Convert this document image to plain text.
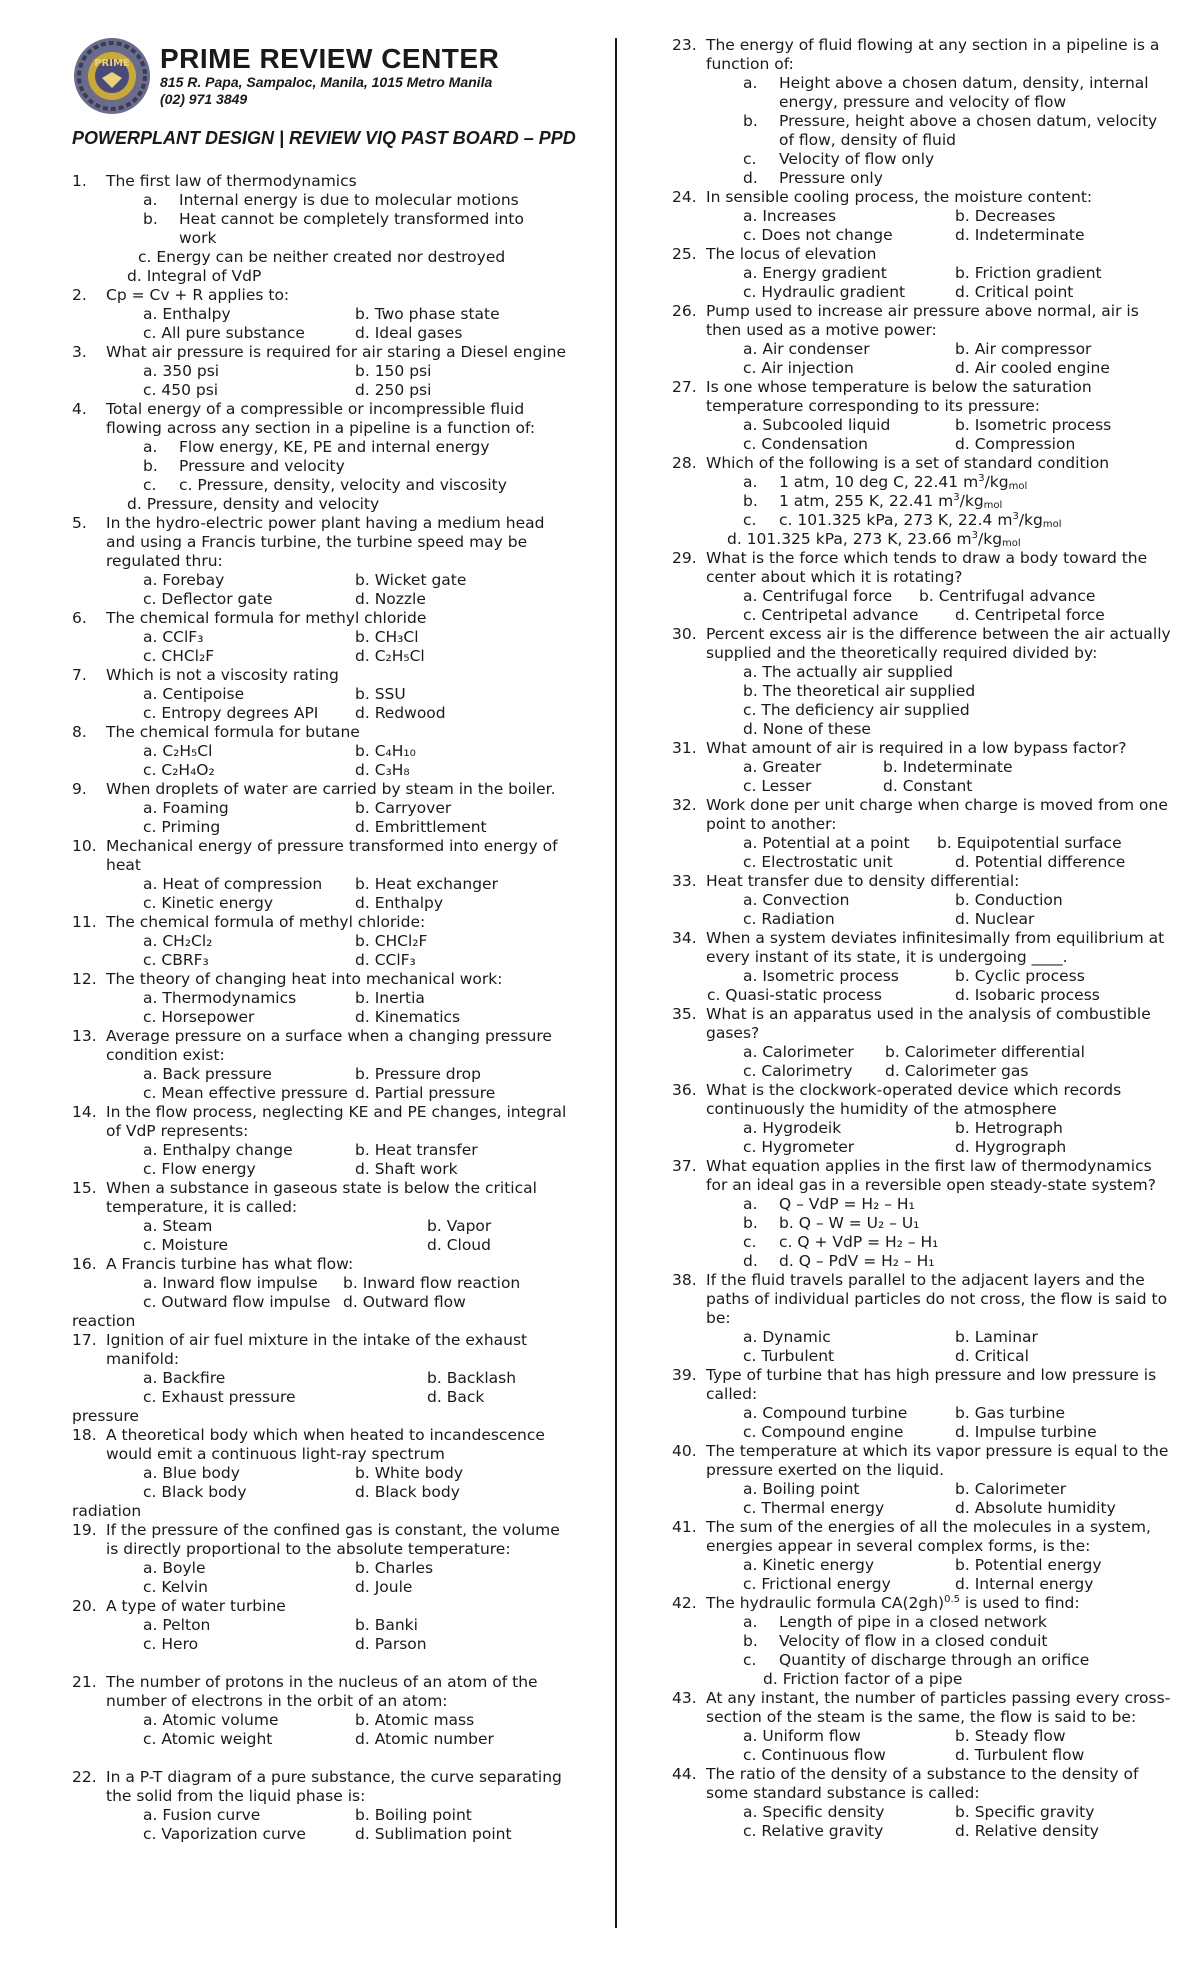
PRIME PRIME REVIEW CENTER
815 R. Papa, Sampaloc, Manila, 1015 Metro Manila
(02) 971 3849
POWERPLANT DESIGN | REVIEW VIQ PAST BOARD – PPD
1. The first law of thermodynamics
a. Internal energy is due to molecular motions
b. Heat cannot be completely transformed into
work
c. Energy can be neither created nor destroyed
d. Integral of VdP
2. Cp = Cv + R applies to:
a. Enthalpy	b. Two phase state
c. All pure substance	d. Ideal gases
3. What air pressure is required for air staring a Diesel engine
a. 350 psi	b. 150 psi
c. 450 psi	d. 250 psi
4. Total energy of a compressible or incompressible fluid flowing across any section in a pipeline is a function of:
a. Flow energy, KE, PE and internal energy
b. Pressure and velocity
c. c. Pressure, density, velocity and viscosity
d. Pressure, density and velocity
5. In the hydro-electric power plant having a medium head and using a Francis turbine, the turbine speed may be regulated thru:
a. Forebay	b. Wicket gate
c. Deflector gate	d. Nozzle
6. The chemical formula for methyl chloride
a. CClF₃	b. CH₃Cl
c. CHCl₂F	d. C₂H₅Cl
7. Which is not a viscosity rating
a. Centipoise	b. SSU
c. Entropy degrees API	d. Redwood
8. The chemical formula for butane
a. C₂H₅Cl	b. C₄H₁₀
c. C₂H₄O₂	d. C₃H₈
9. When droplets of water are carried by steam in the boiler.
a. Foaming	b. Carryover
c. Priming	d. Embrittlement
10. Mechanical energy of pressure transformed into energy of heat
a. Heat of compression	b. Heat exchanger
c. Kinetic energy	d. Enthalpy
11. The chemical formula of methyl chloride:
a. CH₂Cl₂	b. CHCl₂F
c. CBRF₃	d. CClF₃
12. The theory of changing heat into mechanical work:
a. Thermodynamics	b. Inertia
c. Horsepower	d. Kinematics
13. Average pressure on a surface when a changing pressure condition exist:
a. Back pressure	b. Pressure drop
c. Mean effective pressure d. Partial pressure
14. In the flow process, neglecting KE and PE changes, integral of VdP represents:
a. Enthalpy change	b. Heat transfer
c. Flow energy	d. Shaft work
15. When a substance in gaseous state is below the critical temperature, it is called:
a. Steam	b. Vapor
c. Moisture	d. Cloud
16. A Francis turbine has what flow:
a. Inward flow impulse	b. Inward flow reaction
c. Outward flow impulse d. Outward flow
reaction
17. Ignition of air fuel mixture in the intake of the exhaust manifold:
a. Backfire	b. Backlash
c. Exhaust pressure	d. Back
pressure
18. A theoretical body which when heated to incandescence would emit a continuous light-ray spectrum
a. Blue body	b. White body
c. Black body	d. Black body
radiation
19. If the pressure of the confined gas is constant, the volume is directly proportional to the absolute temperature:
a. Boyle	b. Charles
c. Kelvin	d. Joule
20. A type of water turbine
a. Pelton	b. Banki
c. Hero	d. Parson
21. The number of protons in the nucleus of an atom of the number of electrons in the orbit of an atom:
a. Atomic volume	b. Atomic mass
c. Atomic weight	d. Atomic number
22. In a P-T diagram of a pure substance, the curve separating the solid from the liquid phase is:
a. Fusion curve	b. Boiling point
c. Vaporization curve	d. Sublimation point
23. The energy of fluid flowing at any section in a pipeline is a function of:
a. Height above a chosen datum, density, internal energy, pressure and velocity of flow
b. Pressure, height above a chosen datum, velocity of flow, density of fluid
c. Velocity of flow only
d. Pressure only
24. In sensible cooling process, the moisture content:
a. Increases	b. Decreases
c. Does not change	d. Indeterminate
25. The locus of elevation
a. Energy gradient	b. Friction gradient
c. Hydraulic gradient	d. Critical point
26. Pump used to increase air pressure above normal, air is then used as a motive power:
a. Air condenser	b. Air compressor
c. Air injection	d. Air cooled engine
27. Is one whose temperature is below the saturation temperature corresponding to its pressure:
a. Subcooled liquid	b. Isometric process
c. Condensation	d. Compression
28. Which of the following is a set of standard condition
a. 1 atm, 10 deg C, 22.41 $m^3/kg_{mol}$
b. 1 atm, 255 K, 22.41 $m^3/kg_{mol}$
c. c. 101.325 kPa, 273 K, 22.4 $m^3/kg_{mol}$
d. 101.325 kPa, 273 K, 23.66 $m^3/kg_{mol}$
29. What is the force which tends to draw a body toward the center about which it is rotating?
a. Centrifugal force	b. Centrifugal advance
c. Centripetal advance	d. Centripetal force
30. Percent excess air is the difference between the air actually supplied and the theoretically required divided by:
a. The actually air supplied
b. The theoretical air supplied
c. The deficiency air supplied
d. None of these
31. What amount of air is required in a low bypass factor?
a. Greater	b. Indeterminate
c. Lesser	d. Constant
32. Work done per unit charge when charge is moved from one point to another:
a. Potential at a point	b. Equipotential surface
c. Electrostatic unit	d. Potential difference
33. Heat transfer due to density differential:
a. Convection	b. Conduction
c. Radiation	d. Nuclear
34. When a system deviates infinitesimally from equilibrium at every instant of its state, it is undergoing ____.
a. Isometric process	b. Cyclic process
c. Quasi-static process	d. Isobaric process
35. What is an apparatus used in the analysis of combustible gases?
a. Calorimeter	b. Calorimeter differential
c. Calorimetry	d. Calorimeter gas
36. What is the clockwork-operated device which records continuously the humidity of the atmosphere
a. Hygrodeik	b. Hetrograph
c. Hygrometer	d. Hygrograph
37. What equation applies in the first law of thermodynamics for an ideal gas in a reversible open steady-state system?
a. Q – VdP = H₂ – H₁
b. b. Q – W = U₂ – U₁
c. c. Q + VdP = H₂ – H₁
d. d. Q – PdV = H₂ – H₁
38. If the fluid travels parallel to the adjacent layers and the paths of individual particles do not cross, the flow is said to be:
a. Dynamic	b. Laminar
c. Turbulent	d. Critical
39. Type of turbine that has high pressure and low pressure is called:
a. Compound turbine	b. Gas turbine
c. Compound engine	d. Impulse turbine
40. The temperature at which its vapor pressure is equal to the pressure exerted on the liquid.
a. Boiling point	b. Calorimeter
c. Thermal energy	d. Absolute humidity
41. The sum of the energies of all the molecules in a system, energies appear in several complex forms, is the:
a. Kinetic energy	b. Potential energy
c. Frictional energy	d. Internal energy
42. The hydraulic formula $CA(2gh)^{0.5}$ is used to find:
a. Length of pipe in a closed network
b. Velocity of flow in a closed conduit
c. Quantity of discharge through an orifice
d. Friction factor of a pipe
43. At any instant, the number of particles passing every cross-section of the steam is the same, the flow is said to be:
a. Uniform flow	b. Steady flow
c. Continuous flow	d. Turbulent flow
44. The ratio of the density of a substance to the density of some standard substance is called:
a. Specific density	b. Specific gravity
c. Relative gravity	d. Relative density
